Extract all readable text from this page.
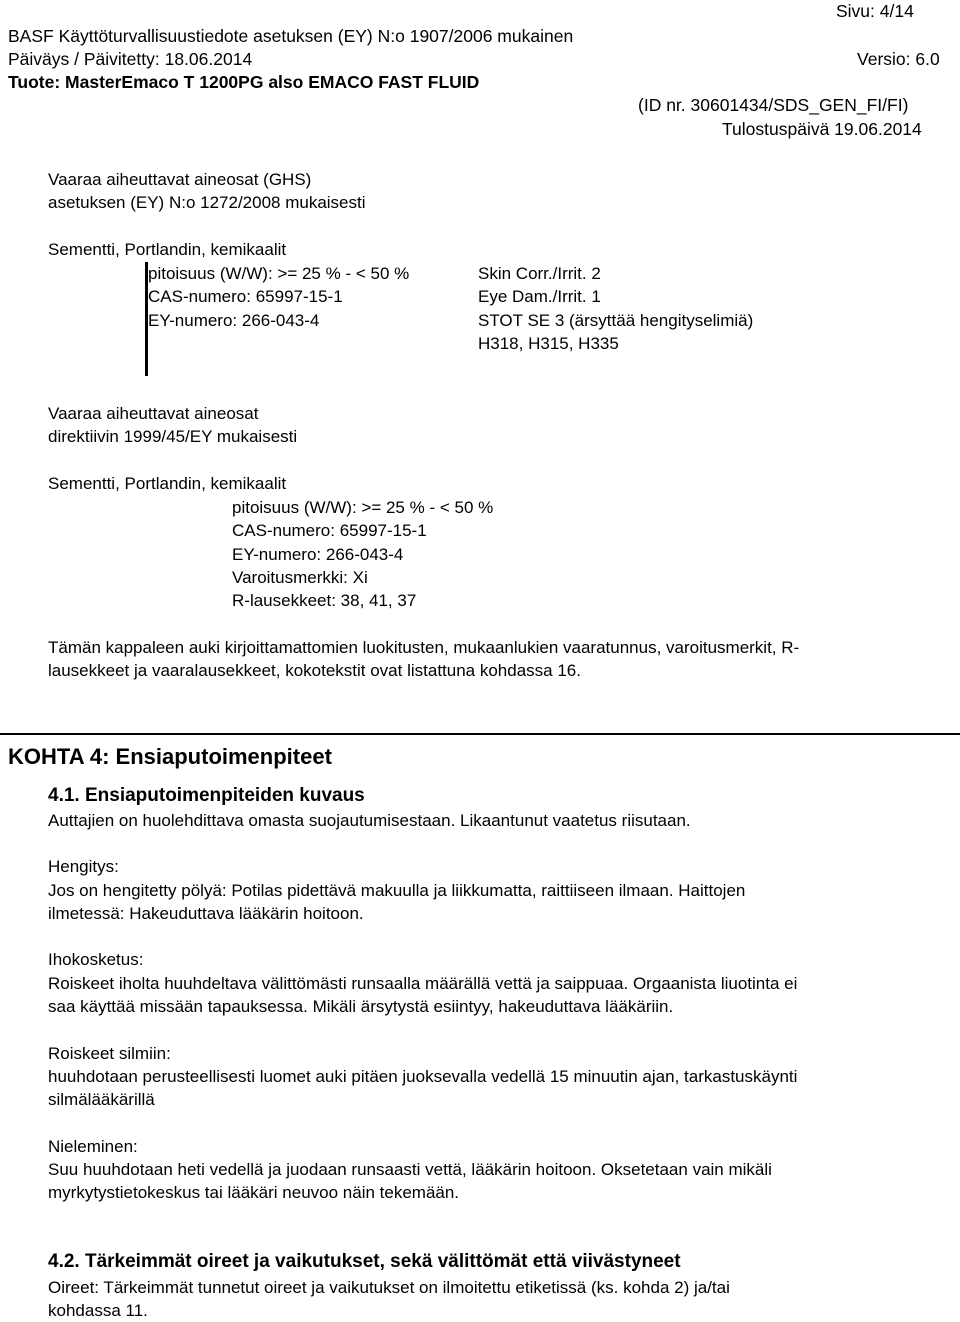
Sivu: 4/14
BASF Käyttöturvallisuustiedote asetuksen (EY) N:o 1907/2006 mukainen
Päiväys / Päivitetty: 18.06.2014	Versio: 6.0
Tuote: MasterEmaco T 1200PG also EMACO FAST FLUID
(ID nr. 30601434/SDS_GEN_FI/FI)
Tulostuspäivä 19.06.2014
Vaaraa aiheuttavat aineosat (GHS)
asetuksen (EY) N:o 1272/2008 mukaisesti
Sementti, Portlandin, kemikaalit
pitoisuus (W/W): >= 25 % - < 50 %
CAS-numero: 65997-15-1
EY-numero: 266-043-4
Skin Corr./Irrit. 2
Eye Dam./Irrit. 1
STOT SE 3 (ärsyttää hengityselimiä)
H318, H315, H335
Vaaraa aiheuttavat aineosat
direktiivin 1999/45/EY mukaisesti
Sementti, Portlandin, kemikaalit
pitoisuus (W/W): >= 25 % - < 50 %
CAS-numero: 65997-15-1
EY-numero: 266-043-4
Varoitusmerkki: Xi
R-lausekkeet: 38, 41, 37
Tämän kappaleen auki kirjoittamattomien luokitusten, mukaanlukien vaaratunnus, varoitusmerkit, R-
lausekkeet ja vaaralausekkeet, kokotekstit ovat listattuna kohdassa 16.
KOHTA 4: Ensiaputoimenpiteet
4.1. Ensiaputoimenpiteiden kuvaus
Auttajien on huolehdittava omasta suojautumisestaan. Likaantunut vaatetus riisutaan.
Hengitys:
Jos on hengitetty pölyä: Potilas pidettävä makuulla ja liikkumatta, raittiiseen ilmaan. Haittojen
ilmetessä: Hakeuduttava lääkärin hoitoon.
Ihokosketus:
Roiskeet iholta huuhdeltava välittömästi runsaalla määrällä vettä ja saippuaa. Orgaanista liuotinta ei
saa käyttää missään tapauksessa. Mikäli ärsytystä esiintyy, hakeuduttava lääkäriin.
Roiskeet silmiin:
huuhdotaan perusteellisesti luomet auki pitäen juoksevalla vedellä 15 minuutin ajan, tarkastuskäynti
silmälääkärillä
Nieleminen:
Suu huuhdotaan heti vedellä ja juodaan runsaasti vettä, lääkärin hoitoon. Oksetetaan vain mikäli
myrkytystietokeskus tai lääkäri neuvoo näin tekemään.
4.2. Tärkeimmät oireet ja vaikutukset, sekä välittömät että viivästyneet
Oireet: Tärkeimmät tunnetut oireet ja vaikutukset on ilmoitettu etiketissä (ks. kohda 2) ja/tai
kohdassa 11.
